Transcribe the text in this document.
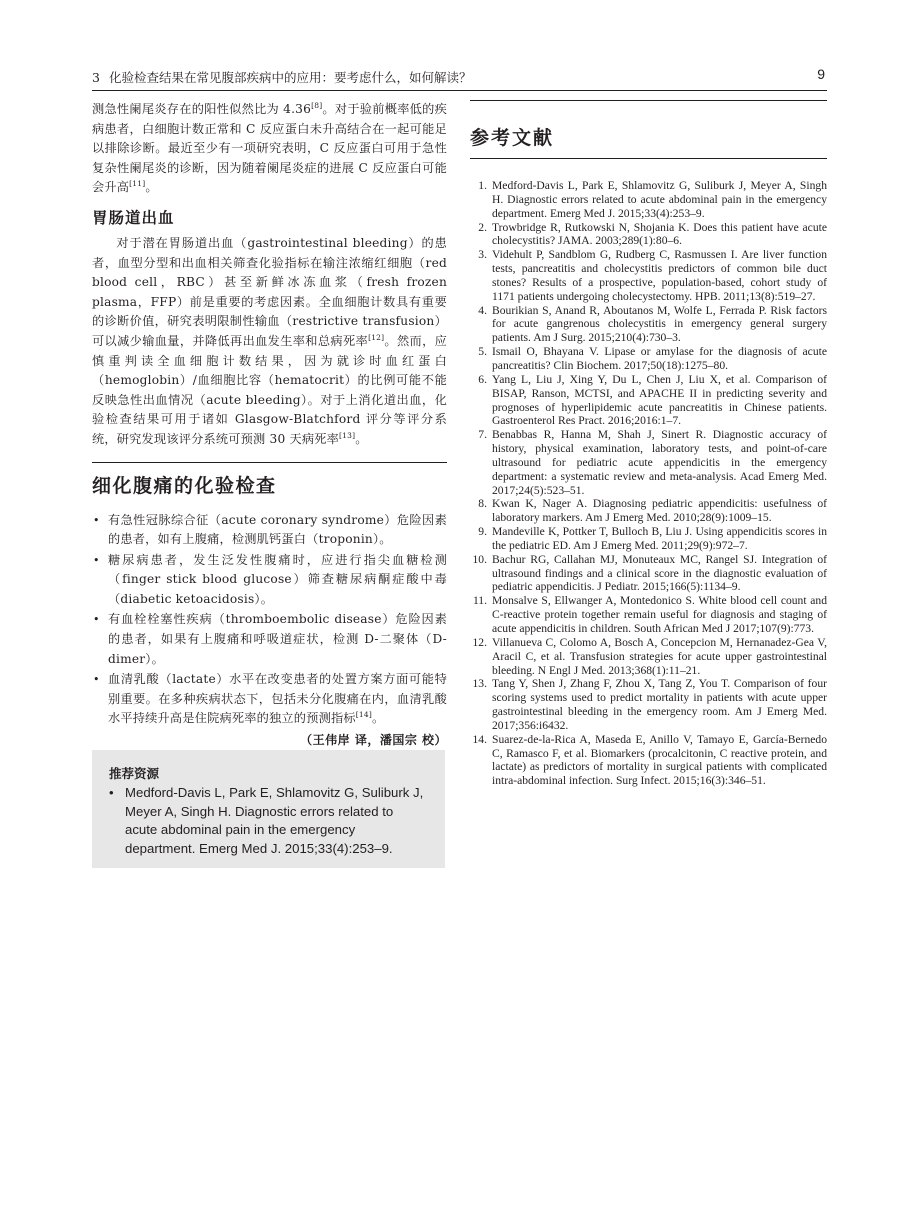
3 化验检查结果在常见腹部疾病中的应用：要考虑什么，如何解读？	9

测急性阑尾炎存在的阳性似然比为 4.36[8]。对于验前概率低的疾病患者，白细胞计数正常和 C 反应蛋白未升高结合在一起可能足以排除诊断。最近至少有一项研究表明，C 反应蛋白可用于急性复杂性阑尾炎的诊断，因为随着阑尾炎症的进展 C 反应蛋白可能会升高[11]。

胃肠道出血

对于潜在胃肠道出血（gastrointestinal bleeding）的患者，血型分型和出血相关筛查化验指标在输注浓缩红细胞（red blood cell，RBC）甚至新鲜冰冻血浆（fresh frozen plasma，FFP）前是重要的考虑因素。全血细胞计数具有重要的诊断价值，研究表明限制性输血（restrictive transfusion）可以减少输血量，并降低再出血发生率和总病死率[12]。然而，应慎重判读全血细胞计数结果，因为就诊时血红蛋白（hemoglobin）/血细胞比容（hematocrit）的比例可能不能反映急性出血情况（acute bleeding）。对于上消化道出血，化验检查结果可用于诸如 Glasgow-Blatchford 评分等评分系统，研究发现该评分系统可预测 30 天病死率[13]。

细化腹痛的化验检查
• 有急性冠脉综合征（acute coronary syndrome）危险因素的患者，如有上腹痛，检测肌钙蛋白（troponin）。
• 糖尿病患者，发生泛发性腹痛时，应进行指尖血糖检测（finger stick blood glucose）筛查糖尿病酮症酸中毒（diabetic ketoacidosis）。
• 有血栓栓塞性疾病（thromboembolic disease）危险因素的患者，如果有上腹痛和呼吸道症状，检测 D-二聚体（D-dimer）。
• 血清乳酸（lactate）水平在改变患者的处置方案方面可能特别重要。在多种疾病状态下，包括未分化腹痛在内，血清乳酸水平持续升高是住院病死率的独立的预测指标[14]。
（王伟岸 译，潘国宗 校）
推荐资源
• Medford-Davis L, Park E, Shlamovitz G, Suliburk J, Meyer A, Singh H. Diagnostic errors related to acute abdominal pain in the emergency department. Emerg Med J. 2015;33(4):253–9.
参考文献
1. Medford-Davis L, Park E, Shlamovitz G, Suliburk J, Meyer A, Singh H. Diagnostic errors related to acute abdominal pain in the emergency department. Emerg Med J. 2015;33(4):253–9.
2. Trowbridge R, Rutkowski N, Shojania K. Does this patient have acute cholecystitis? JAMA. 2003;289(1):80–6.
3. Videhult P, Sandblom G, Rudberg C, Rasmussen I. Are liver function tests, pancreatitis and cholecystitis predictors of common bile duct stones? Results of a prospective, population-based, cohort study of 1171 patients undergoing cholecystectomy. HPB. 2011;13(8):519–27.
4. Bourikian S, Anand R, Aboutanos M, Wolfe L, Ferrada P. Risk factors for acute gangrenous cholecystitis in emergency general surgery patients. Am J Surg. 2015;210(4):730–3.
5. Ismail O, Bhayana V. Lipase or amylase for the diagnosis of acute pancreatitis? Clin Biochem. 2017;50(18):1275–80.
6. Yang L, Liu J, Xing Y, Du L, Chen J, Liu X, et al. Comparison of BISAP, Ranson, MCTSI, and APACHE II in predicting severity and prognoses of hyperlipidemic acute pancreatitis in Chinese patients. Gastroenterol Res Pract. 2016;2016:1–7.
7. Benabbas R, Hanna M, Shah J, Sinert R. Diagnostic accuracy of history, physical examination, laboratory tests, and point-of-care ultrasound for pediatric acute appendicitis in the emergency department: a systematic review and meta-analysis. Acad Emerg Med. 2017;24(5):523–51.
8. Kwan K, Nager A. Diagnosing pediatric appendicitis: usefulness of laboratory markers. Am J Emerg Med. 2010;28(9):1009–15.
9. Mandeville K, Pottker T, Bulloch B, Liu J. Using appendicitis scores in the pediatric ED. Am J Emerg Med. 2011;29(9):972–7.
10. Bachur RG, Callahan MJ, Monuteaux MC, Rangel SJ. Integration of ultrasound findings and a clinical score in the diagnostic evaluation of pediatric appendicitis. J Pediatr. 2015;166(5):1134–9.
11. Monsalve S, Ellwanger A, Montedonico S. White blood cell count and C-reactive protein together remain useful for diagnosis and staging of acute appendicitis in children. South African Med J 2017;107(9):773.
12. Villanueva C, Colomo A, Bosch A, Concepcion M, Hernanadez-Gea V, Aracil C, et al. Transfusion strategies for acute upper gastrointestinal bleeding. N Engl J Med. 2013;368(1):11–21.
13. Tang Y, Shen J, Zhang F, Zhou X, Tang Z, You T. Comparison of four scoring systems used to predict mortality in patients with acute upper gastrointestinal bleeding in the emergency room. Am J Emerg Med. 2017;356:i6432.
14. Suarez-de-la-Rica A, Maseda E, Anillo V, Tamayo E, García-Bernedo C, Ramasco F, et al. Biomarkers (procalcitonin, C reactive protein, and lactate) as predictors of mortality in surgical patients with complicated intra-abdominal infection. Surg Infect. 2015;16(3):346–51.
